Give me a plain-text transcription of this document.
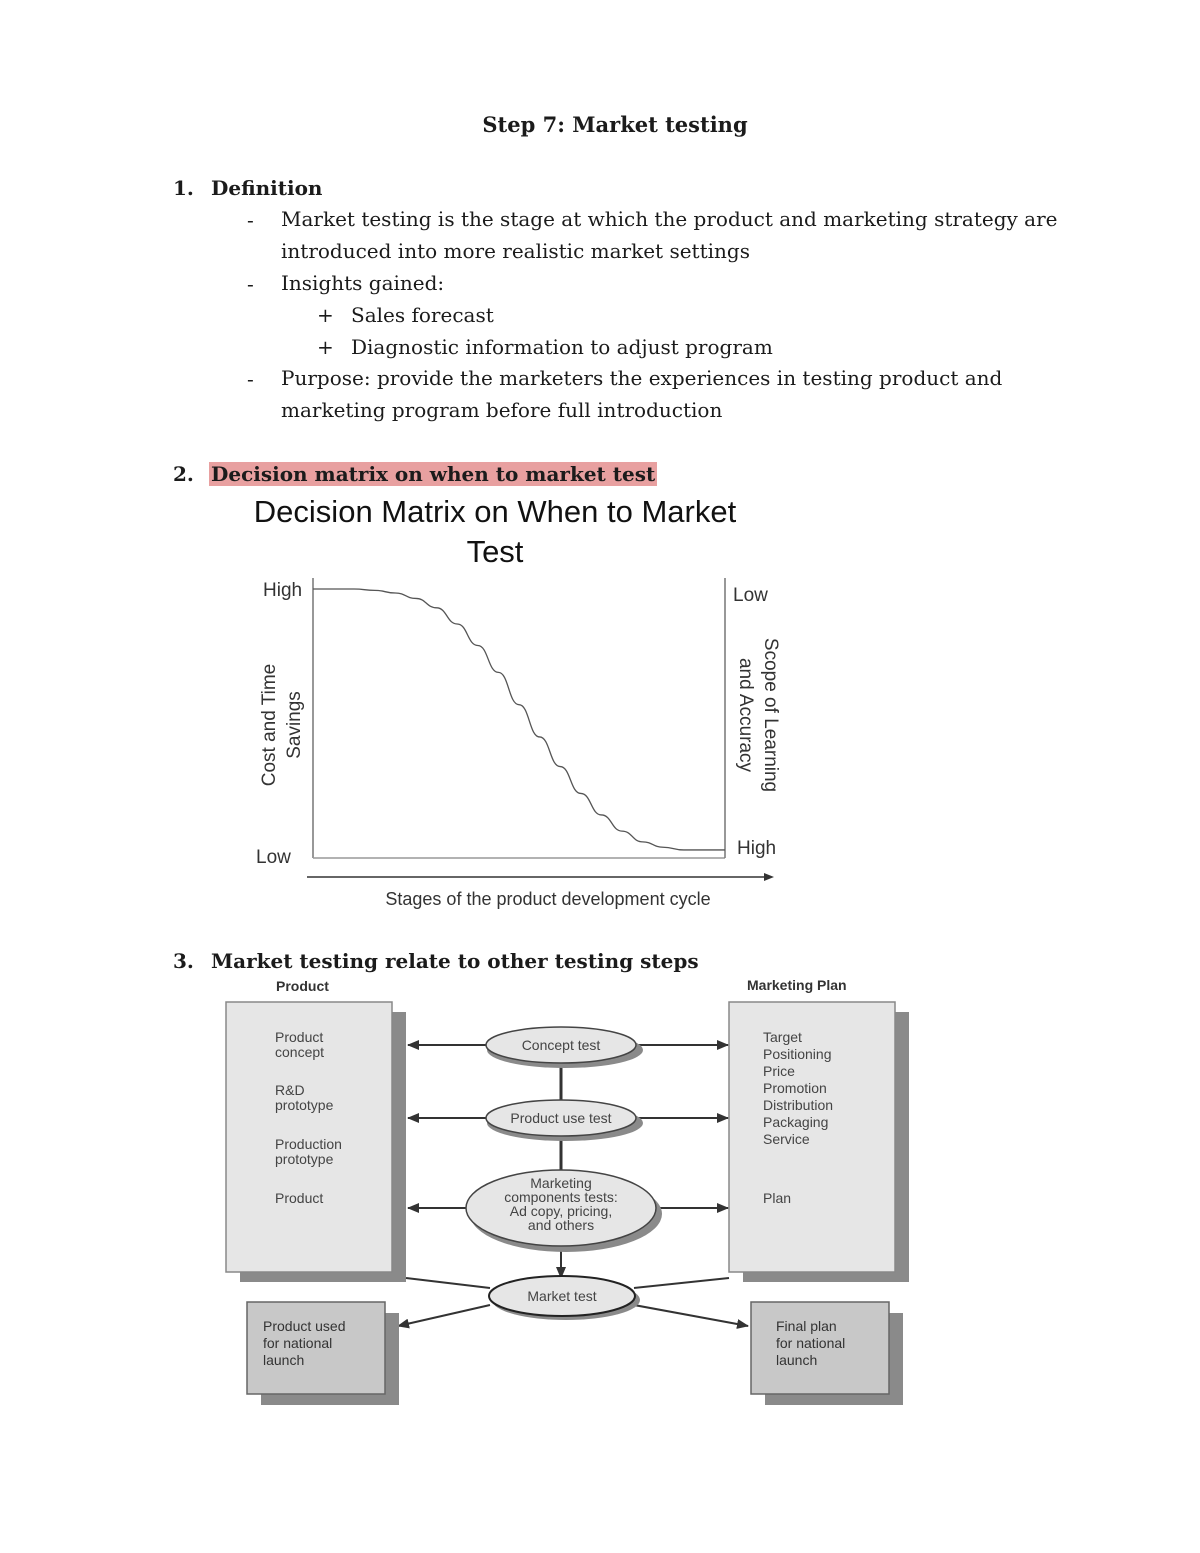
Step 7: Market testing
1. Definition
- Market testing is the stage at which the product and marketing strategy are
introduced into more realistic market settings
- Insights gained:
+ Sales forecast
+ Diagnostic information to adjust program
- Purpose: provide the marketers the experiences in testing product and
marketing program before full introduction
2. Decision matrix on when to market test
Decision Matrix on When to Market
Test
High
Low
Low
High
Cost and Time Savings	Scope of Learning
and Accuracy
Stages of the product development cycle
3. Market testing relate to other testing steps
Product	Marketing Plan
Product concept
R&D prototype
Production prototype
Product
Target
Positioning
Price
Promotion
Distribution
Packaging
Service
Plan
Concept test
Product use test
Marketing
components tests:
Ad copy, pricing,
and others
Market test
Product used
for national
launch
Final plan
for national
launch
